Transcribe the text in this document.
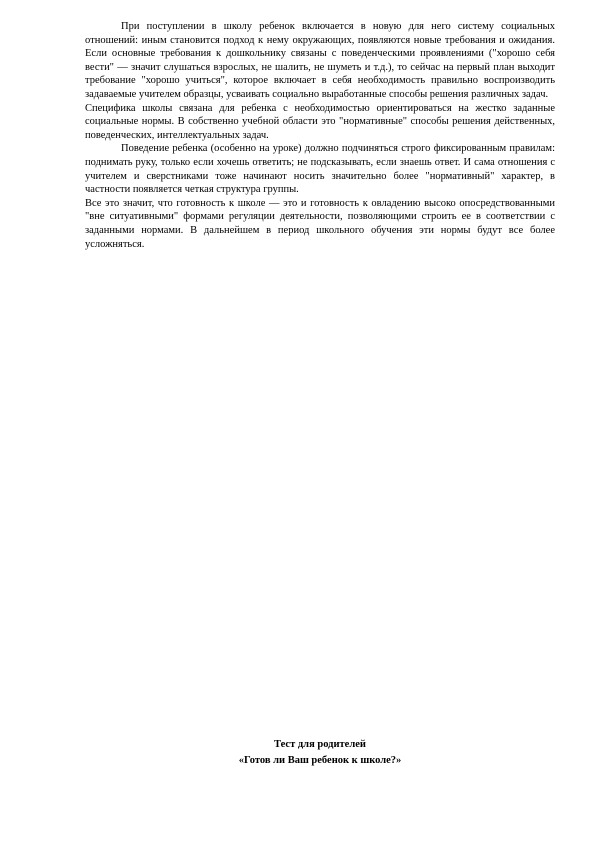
При поступлении в школу ребенок включается в новую для него систему социальных отношений: иным становится подход к нему окружающих, появляются новые требования и ожидания. Если основные требования к дошкольнику связаны с поведенческими проявлениями ("хорошо себя вести" — значит слушаться взрослых, не шалить, не шуметь и т.д.), то сейчас на первый план выходит требование "хорошо учиться", которое включает в себя необходимость правильно воспроизводить задаваемые учителем образцы, усваивать социально выработанные способы решения различных задач.

Специфика школы связана для ребенка с необходимостью ориентироваться на жестко заданные социальные нормы. В собственно учебной области это "нормативные" способы решения действенных, поведенческих, интеллектуальных задач.

Поведение ребенка (особенно на уроке) должно подчиняться строго фиксированным правилам: поднимать руку, только если хочешь ответить; не подсказывать, если знаешь ответ. И сама отношения с учителем и сверстниками тоже начинают носить значительно более "нормативный" характер, в частности появляется четкая структура группы.

Все это значит, что готовность к школе — это и готовность к овладению высоко опосредствованными "вне ситуативными" формами регуляции деятельности, позволяющими строить ее в соответствии с заданными нормами. В дальнейшем в период школьного обучения эти нормы будут все более усложняться.

Тест для родителей
«Готов ли Ваш ребенок к школе?»
